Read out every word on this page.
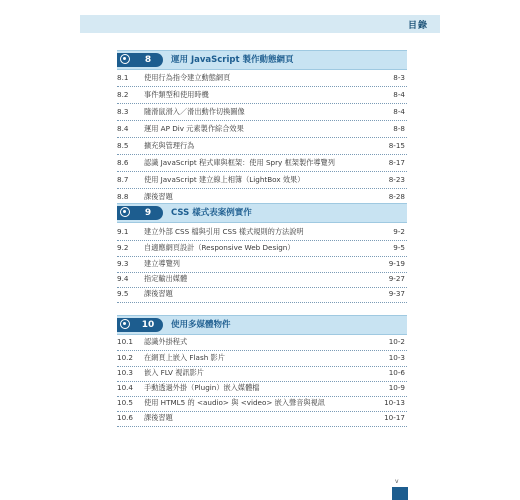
目錄
8	運用 JavaScript 製作動態網頁
8.1 使用行為指令建立動態網頁	8-3
8.2 事件類型和使用時機	8-4
8.3 隨滑鼠滑入／滑出動作切換圖像	8-4
8.4 運用 AP Div 元素製作綜合效果	8-8
8.5 擴充與管理行為	8-15
8.6 認識 JavaScript 程式庫與框架：使用 Spry 框架製作導覽列	8-17
8.7 使用 JavaScript 建立線上相簿（LightBox 效果）	8-23
8.8 課後習題	8-28
9	CSS 樣式表案例實作
9.1 建立外部 CSS 檔與引用 CSS 樣式規則的方法說明	9-2
9.2 自適應網頁設計（Responsive Web Design）	9-5
9.3 建立導覽列	9-19
9.4 指定輸出媒體	9-27
9.5 課後習題	9-37
10	使用多媒體物件
10.1 認識外掛程式	10-2
10.2 在網頁上嵌入 Flash 影片	10-3
10.3 嵌入 FLV 視訊影片	10-6
10.4 手動透過外掛（Plugin）嵌入媒體檔	10-9
10.5 使用 HTML5 的 <audio> 與 <video> 嵌入聲音與視訊	10-13
10.6 課後習題	10-17
v
